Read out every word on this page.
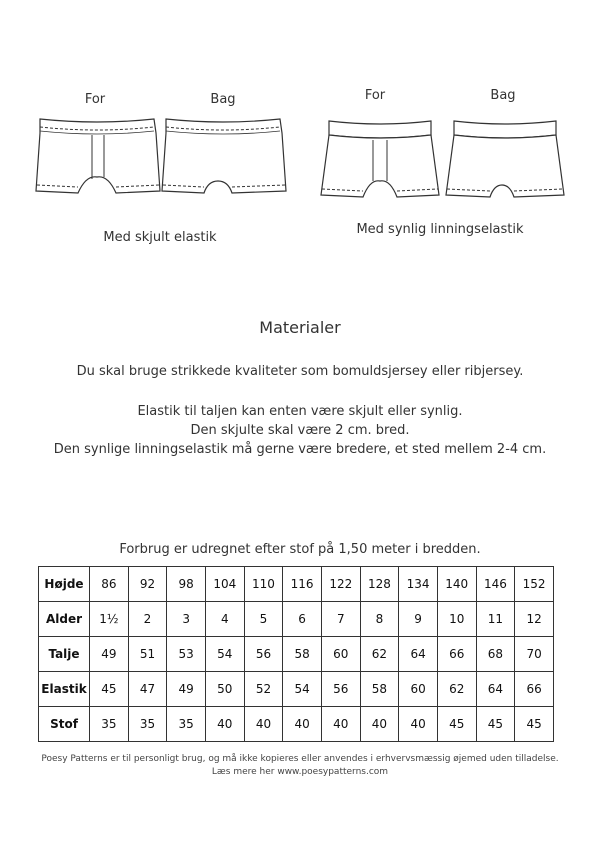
For	Bag
Med skjult elastik
For	Bag
Med synlig linningselastik
Materialer
Du skal bruge strikkede kvaliteter som bomuldsjersey eller ribjersey.
Elastik til taljen kan enten være skjult eller synlig.
Den skjulte skal være 2 cm. bred.
Den synlige linningselastik må gerne være bredere, et sted mellem 2-4 cm.
Forbrug er udregnet efter stof på 1,50 meter i bredden.
Højde	86	92	98	104	110	116	122	128	134	140	146	152
Alder	1½	2	3	4	5	6	7	8	9	10	11	12
Talje	49	51	53	54	56	58	60	62	64	66	68	70
Elastik	45	47	49	50	52	54	56	58	60	62	64	66
Stof	35	35	35	40	40	40	40	40	40	45	45	45
Poesy Patterns er til personligt brug, og må ikke kopieres eller anvendes i erhvervsmæssig øjemed uden tilladelse.
Læs mere her www.poesypatterns.com
